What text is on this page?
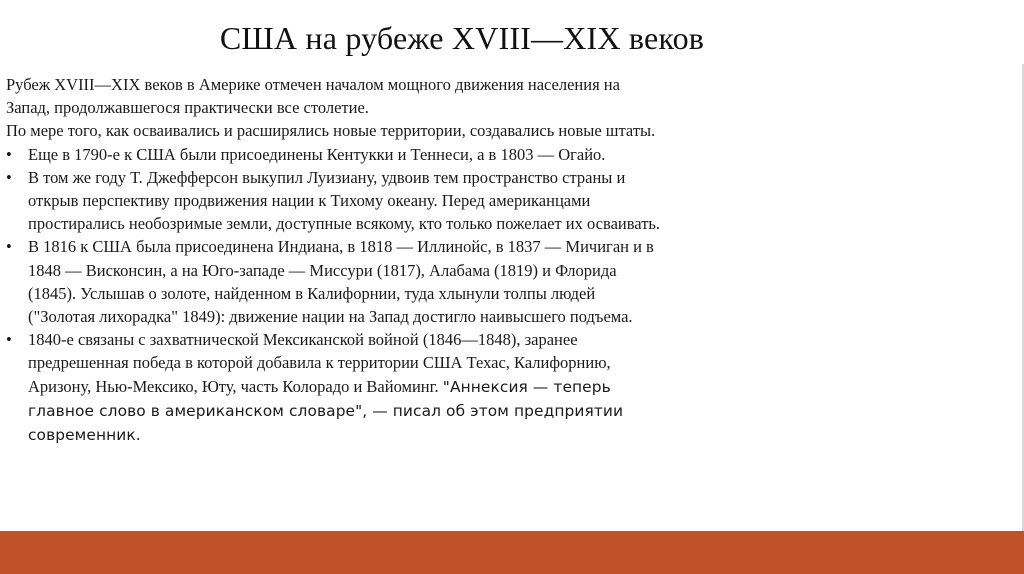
США на рубеже XVIII—XIX веков

Рубеж XVIII—XIX веков в Америке отмечен началом мощного движения населения на Запад, продолжавшегося практически все столетие.

По мере того, как осваивались и расширялись новые территории, создавались новые штаты.

• Еще в 1790-е к США были присоединены Кентукки и Теннеси, а в 1803 — Огайо.
• В том же году Т. Джефферсон выкупил Луизиану, удвоив тем пространство страны и открыв перспективу продвижения нации к Тихому океану. Перед американцами простирались необозримые земли, доступные всякому, кто только пожелает их осваивать.
• В 1816 к США была присоединена Индиана, в 1818 — Иллинойс, в 1837 — Мичиган и в 1848 — Висконсин, а на Юго-западе — Миссури (1817), Алабама (1819) и Флорида (1845). Услышав о золоте, найденном в Калифорнии, туда хлынули толпы людей ("Золотая лихорадка" 1849): движение нации на Запад достигло наивысшего подъема.
• 1840-е связаны с захватнической Мексиканской войной (1846—1848), заранее предрешенная победа в которой добавила к территории США Техас, Калифорнию, Аризону, Нью-Мексико, Юту, часть Колорадо и Вайоминг. "Аннексия — теперь главное слово в американском словаре", — писал об этом предприятии современник.
